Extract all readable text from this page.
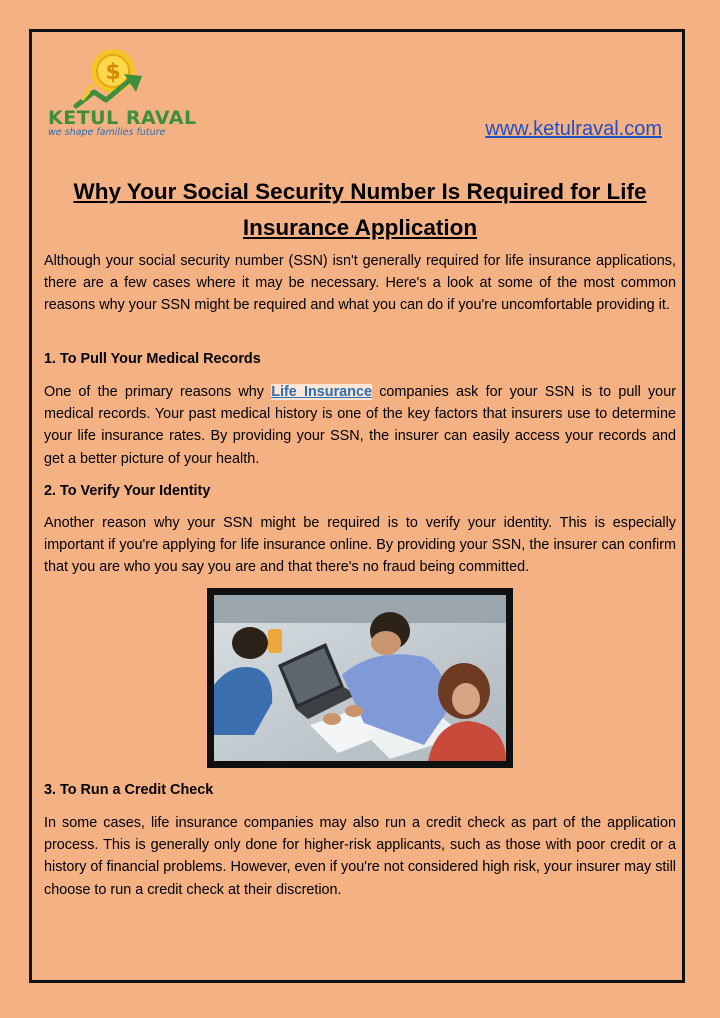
$
KETUL RAVAL
we shape families future	www.ketulraval.com
Why Your Social Security Number Is Required for Life Insurance Application
Although your social security number (SSN) isn't generally required for life insurance applications, there are a few cases where it may be necessary. Here's a look at some of the most common reasons why your SSN might be required and what you can do if you're uncomfortable providing it.
1. To Pull Your Medical Records
One of the primary reasons why Life Insurance companies ask for your SSN is to pull your medical records. Your past medical history is one of the key factors that insurers use to determine your life insurance rates. By providing your SSN, the insurer can easily access your records and get a better picture of your health.
2. To Verify Your Identity
Another reason why your SSN might be required is to verify your identity. This is especially important if you're applying for life insurance online. By providing your SSN, the insurer can confirm that you are who you say you are and that there's no fraud being committed.
3. To Run a Credit Check
In some cases, life insurance companies may also run a credit check as part of the application process. This is generally only done for higher-risk applicants, such as those with poor credit or a history of financial problems. However, even if you're not considered high risk, your insurer may still choose to run a credit check at their discretion.
